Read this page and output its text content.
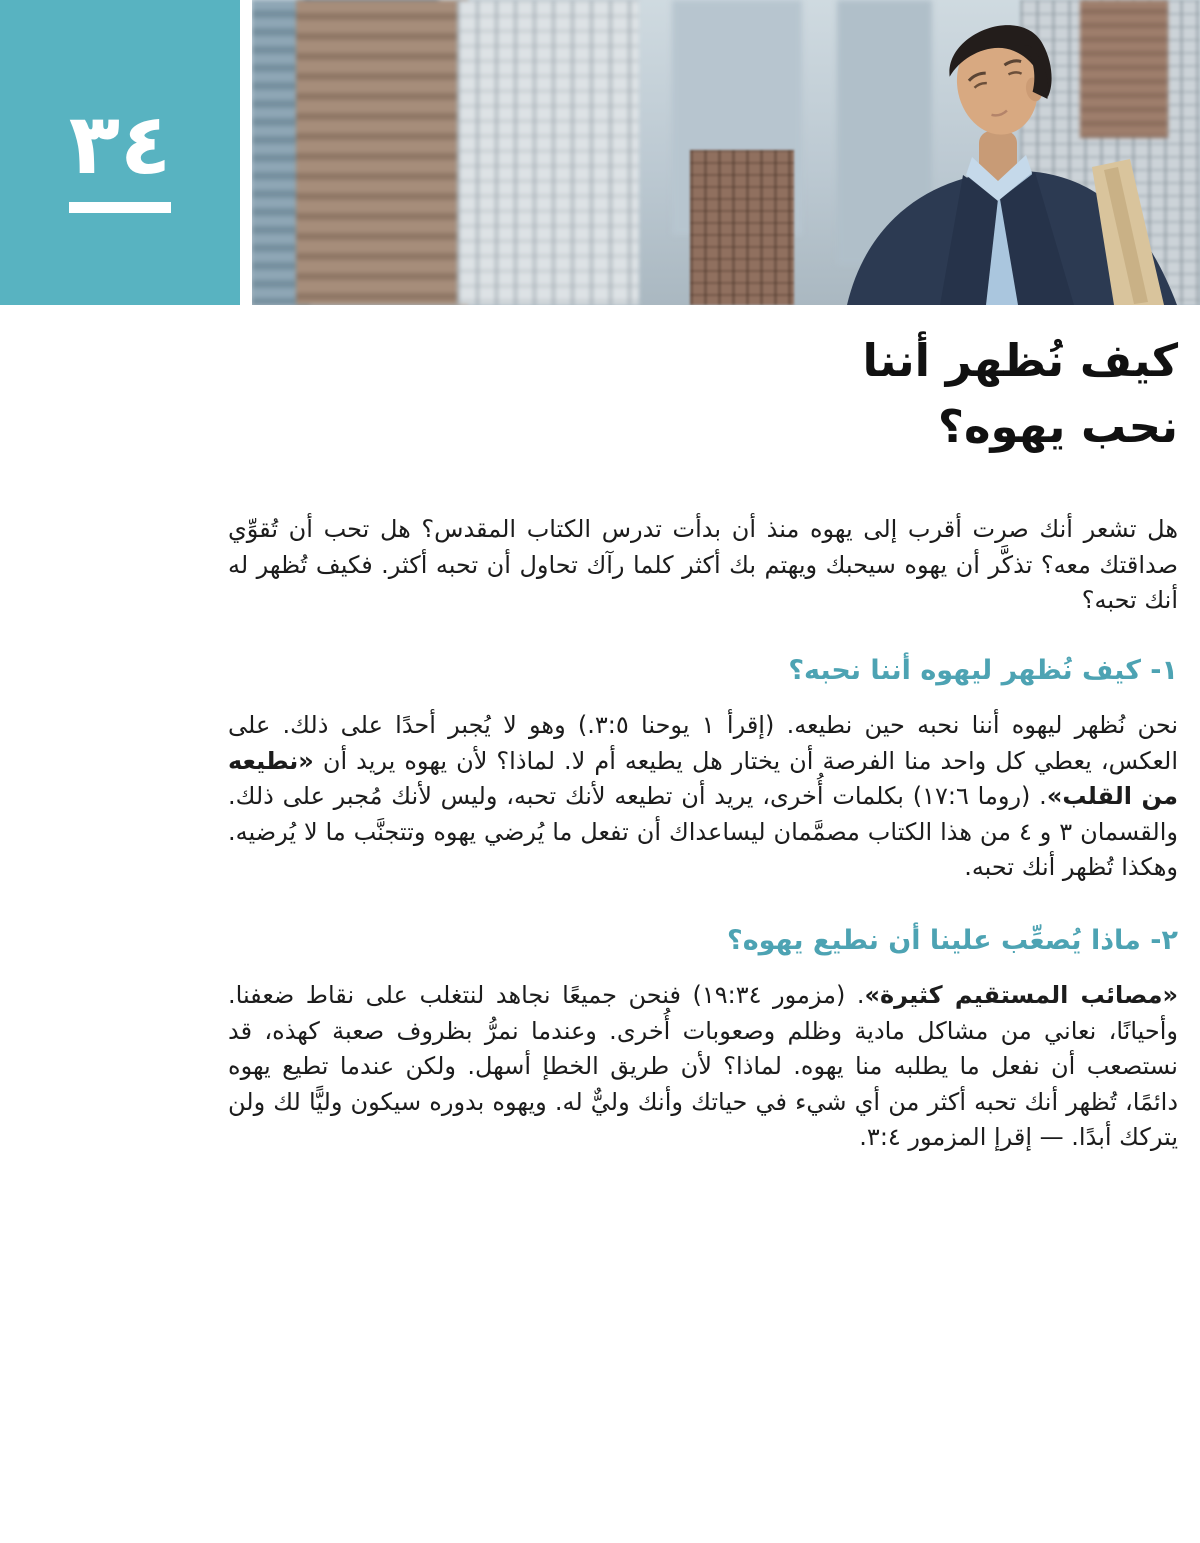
٣٤
كيف نُظهر أننا
نحب يهوه؟

هل تشعر أنك صرت أقرب إلى يهوه منذ أن بدأت تدرس الكتاب المقدس؟ هل تحب أن تُقوِّي صداقتك معه؟ تذكَّر أن يهوه سيحبك ويهتم بك أكثر كلما رآك تحاول أن تحبه أكثر. فكيف تُظهر له أنك تحبه؟

١- كيف نُظهر ليهوه أننا نحبه؟

نحن نُظهر ليهوه أننا نحبه حين نطيعه. (إقرأ ١ يوحنا ٣:٥.) وهو لا يُجبر أحدًا على ذلك. على العكس، يعطي كل واحد منا الفرصة أن يختار هل يطيعه أم لا. لماذا؟ لأن يهوه يريد أن «نطيعه من القلب». (روما ١٧:٦) بكلمات أُخرى، يريد أن تطيعه لأنك تحبه، وليس لأنك مُجبر على ذلك. والقسمان ٣ و ٤ من هذا الكتاب مصمَّمان ليساعداك أن تفعل ما يُرضي يهوه وتتجنَّب ما لا يُرضيه. وهكذا تُظهر أنك تحبه.

٢- ماذا يُصعِّب علينا أن نطيع يهوه؟

«مصائب المستقيم كثيرة». (مزمور ١٩:٣٤) فنحن جميعًا نجاهد لنتغلب على نقاط ضعفنا. وأحيانًا، نعاني من مشاكل مادية وظلم وصعوبات أُخرى. وعندما نمرُّ بظروف صعبة كهذه، قد نستصعب أن نفعل ما يطلبه منا يهوه. لماذا؟ لأن طريق الخطإ أسهل. ولكن عندما تطيع يهوه دائمًا، تُظهر أنك تحبه أكثر من أي شيء في حياتك وأنك وليٌّ له. ويهوه بدوره سيكون وليًّا لك ولن يتركك أبدًا. — إقرإ المزمور ٣:٤.
